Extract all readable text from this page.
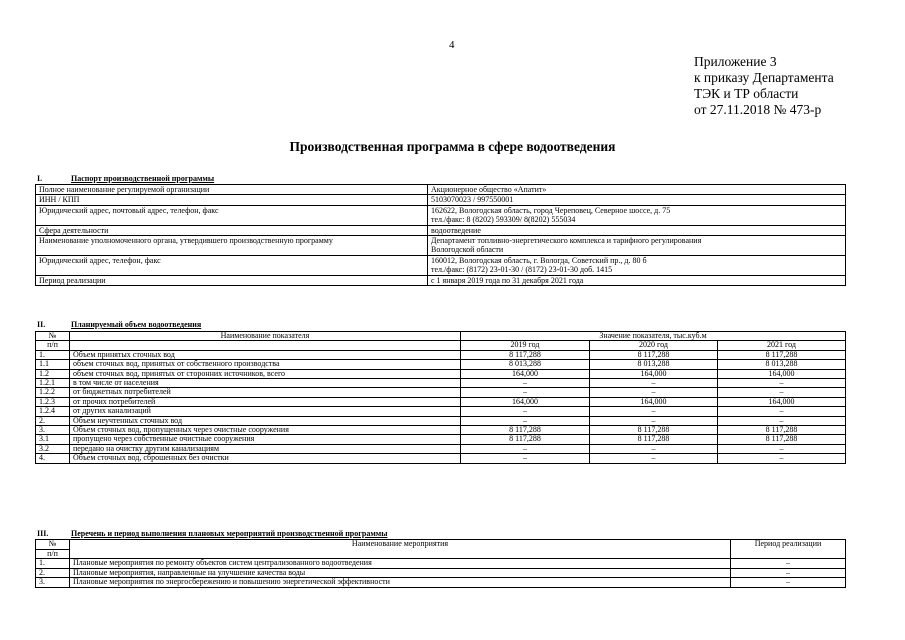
4
Приложение 3
к приказу Департамента
ТЭК и ТР области
от 27.11.2018 № 473-р
Производственная программа в сфере водоотведения
I.	Паспорт производственной программы
Полное наименование регулируемой организации	Акционерное общество «Апатит»

ИНН / КПП	5103070023 / 997550001

Юридический адрес, почтовый адрес, телефон, факс	162622, Вологодская область, город Череповец, Северное шоссе, д. 75
тел./факс: 8 (8202) 593309/ 8(8202) 555034

Сфера деятельности	водоотведение

Наименование уполномоченного органа, утвердившего производственную программу	Департамент топливно-энергетического комплекса и тарифного регулирования
Вологодской области

Юридический адрес, телефон, факс	160012, Вологодская область, г. Вологда, Советский пр., д. 80 б
тел./факс: (8172) 23-01-30 / (8172) 23-01-30 доб. 1415

Период реализации	с 1 января 2019 года по 31 декабря 2021 года
II.	Планируемый объем водоотведения
№	Наименование показателя	Значение показателя, тыс.куб.м		
п/п		2019 год	2020 год	2021 год
1.	Объем принятых сточных вод	8 117,288	8 117,288	8 117,288
1.1	объем сточных вод, принятых от собственного производства	8 013,288	8 013,288	8 013,288
1.2	объем сточных вод, принятых от сторонних источников, всего	164,000	164,000	164,000
1.2.1	в том числе от населения	–	–	–
1.2.2	от бюджетных потребителей	–	–	–
1.2.3	от прочих потребителей	164,000	164,000	164,000
1.2.4	от других канализаций	–	–	–
2.	Объем неучтенных сточных вод	–	–	–
3.	Объем сточных вод, пропущенных через очистные сооружения	8 117,288	8 117,288	8 117,288
3.1	пропущено через собственные очистные сооружения	8 117,288	8 117,288	8 117,288
3.2	передано на очистку другим канализациям	–	–	–
4.	Объем сточных вод, сброшенных без очистки	–	–	–
III.	Перечень и период выполнения плановых мероприятий производственной программы
№	Наименование мероприятия	Период реализации
п/п		
1.	Плановые мероприятия по ремонту объектов систем централизованного водоотведения	–
2.	Плановые мероприятия, направленные на улучшение качества воды	–
3.	Плановые мероприятия по энергосбережению и повышению энергетической эффективности	–
